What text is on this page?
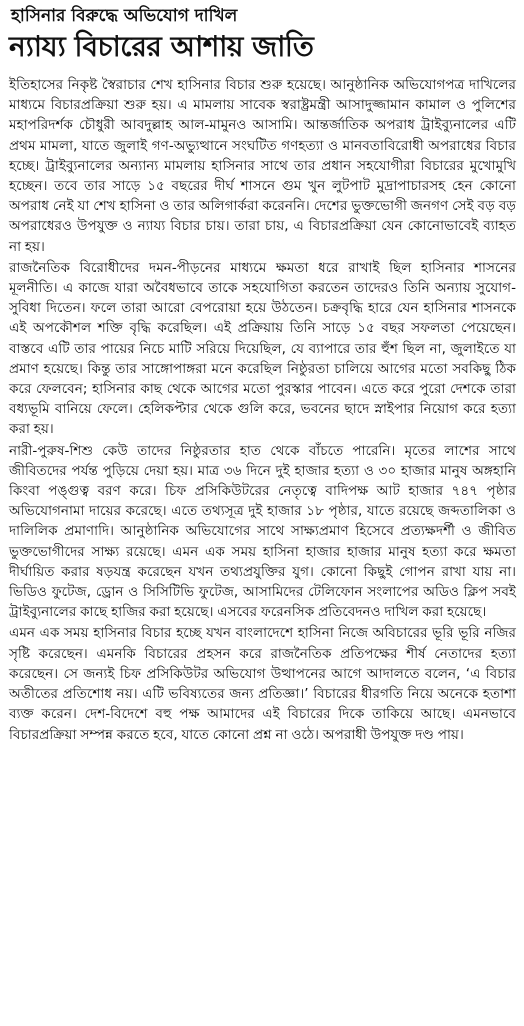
হাসিনার বিরুদ্ধে অভিযোগ দাখিল
ন্যায্য বিচারের আশায় জাতি

ইতিহাসের নিকৃষ্ট স্বৈরাচার শেখ হাসিনার বিচার শুরু হয়েছে। আনুষ্ঠানিক অভিযোগপত্র দাখিলের মাধ্যমে বিচারপ্রক্রিয়া শুরু হয়। এ মামলায় সাবেক স্বরাষ্ট্রমন্ত্রী আসাদুজ্জামান কামাল ও পুলিশের মহাপরিদর্শক চৌধুরী আবদুল্লাহ আল-মামুনও আসামি। আন্তর্জাতিক অপরাধ ট্রাইব্যুনালের এটি প্রথম মামলা, যাতে জুলাই গণ-অভ্যুত্থানে সংঘটিত গণহত্যা ও মানবতাবিরোধী অপরাধের বিচার হচ্ছে। ট্রাইব্যুনালের অন্যান্য মামলায় হাসিনার সাথে তার প্রধান সহযোগীরা বিচারের মুখোমুখি হচ্ছেন। তবে তার সাড়ে ১৫ বছরের দীর্ঘ শাসনে গুম খুন লুটপাট মুদ্রাপাচারসহ হেন কোনো অপরাধ নেই যা শেখ হাসিনা ও তার অলিগার্করা করেননি। দেশের ভুক্তভোগী জনগণ সেই বড় বড় অপরাধেরও উপযুক্ত ও ন্যায্য বিচার চায়। তারা চায়, এ বিচারপ্রক্রিয়া যেন কোনোভাবেই ব্যাহত না হয়।

রাজনৈতিক বিরোধীদের দমন-পীড়নের মাধ্যমে ক্ষমতা ধরে রাখাই ছিল হাসিনার শাসনের মূলনীতি। এ কাজে যারা অবৈধভাবে তাকে সহযোগিতা করতেন তাদেরও তিনি অন্যায় সুযোগ-সুবিধা দিতেন। ফলে তারা আরো বেপরোয়া হয়ে উঠতেন। চক্রবৃদ্ধি হারে যেন হাসিনার শাসনকে এই অপকৌশল শক্তি বৃদ্ধি করেছিল। এই প্রক্রিয়ায় তিনি সাড়ে ১৫ বছর সফলতা পেয়েছেন। বাস্তবে এটি তার পায়ের নিচে মাটি সরিয়ে দিয়েছিল, যে ব্যাপারে তার হুঁশ ছিল না, জুলাইতে যা প্রমাণ হয়েছে। কিন্তু তার সাঙ্গোপাঙ্গরা মনে করেছিল নিষ্ঠুরতা চালিয়ে আগের মতো সবকিছু ঠিক করে ফেলবেন; হাসিনার কাছ থেকে আগের মতো পুরস্কার পাবেন। এতে করে পুরো দেশকে তারা বধ্যভূমি বানিয়ে ফেলে। হেলিকপ্টার থেকে গুলি করে, ভবনের ছাদে স্নাইপার নিয়োগ করে হত্যা করা হয়।

নারী-পুরুষ-শিশু কেউ তাদের নিষ্ঠুরতার হাত থেকে বাঁচতে পারেনি। মৃতের লাশের সাথে জীবিতদের পর্যন্ত পুড়িয়ে দেয়া হয়। মাত্র ৩৬ দিনে দুই হাজার হত্যা ও ৩০ হাজার মানুষ অঙ্গহানি কিংবা পঙ্গুত্ব বরণ করে। চিফ প্রসিকিউটরের নেতৃত্বে বাদিপক্ষ আট হাজার ৭৪৭ পৃষ্ঠার অভিযোগনামা দায়ের করেছে। এতে তথ্যসূত্র দুই হাজার ১৮ পৃষ্ঠার, যাতে রয়েছে জব্দতালিকা ও দালিলিক প্রমাণাদি। আনুষ্ঠানিক অভিযোগের সাথে সাক্ষ্যপ্রমাণ হিসেবে প্রত্যক্ষদর্শী ও জীবিত ভুক্তভোগীদের সাক্ষ্য রয়েছে। এমন এক সময় হাসিনা হাজার হাজার মানুষ হত্যা করে ক্ষমতা দীর্ঘায়িত করার ষড়যন্ত্র করেছেন যখন তথ্যপ্রযুক্তির যুগ। কোনো কিছুই গোপন রাখা যায় না। ভিডিও ফুটেজ, ড্রোন ও সিসিটিভি ফুটেজ, আসামিদের টেলিফোন সংলাপের অডিও ক্লিপ সবই ট্রাইব্যুনালের কাছে হাজির করা হয়েছে। এসবের ফরেনসিক প্রতিবেদনও দাখিল করা হয়েছে।

এমন এক সময় হাসিনার বিচার হচ্ছে যখন বাংলাদেশে হাসিনা নিজে অবিচারের ভূরি ভূরি নজির সৃষ্টি করেছেন। এমনকি বিচারের প্রহসন করে রাজনৈতিক প্রতিপক্ষের শীর্ষ নেতাদের হত্যা করেছেন। সে জন্যই চিফ প্রসিকিউটর অভিযোগ উত্থাপনের আগে আদালতে বলেন, ‘এ বিচার অতীতের প্রতিশোধ নয়। এটি ভবিষ্যতের জন্য প্রতিজ্ঞা।’ বিচারের ধীরগতি নিয়ে অনেকে হতাশা ব্যক্ত করেন। দেশ-বিদেশে বহু পক্ষ আমাদের এই বিচারের দিকে তাকিয়ে আছে। এমনভাবে বিচারপ্রক্রিয়া সম্পন্ন করতে হবে, যাতে কোনো প্রশ্ন না ওঠে। অপরাধী উপযুক্ত দণ্ড পায়।
